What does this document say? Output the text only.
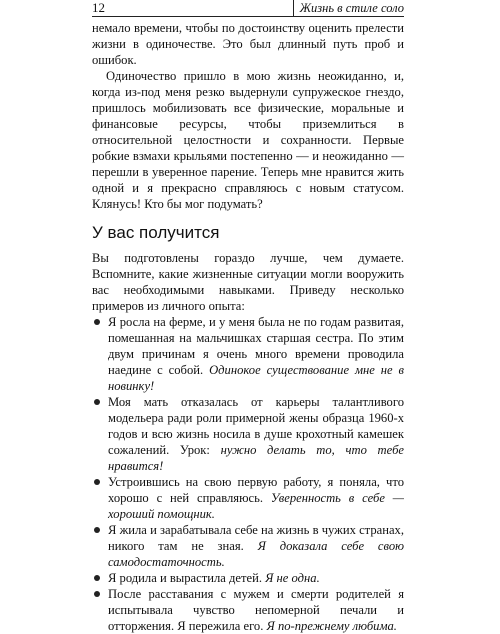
12	Жизнь в стиле соло

немало времени, чтобы по достоинству оценить прелести жизни в одиночестве. Это был длинный путь проб и ошибок.

Одиночество пришло в мою жизнь неожиданно, и, когда из-под меня резко выдернули супружеское гнездо, пришлось мобилизовать все физические, моральные и финансовые ресурсы, чтобы приземлиться в относительной целостности и сохранности. Первые робкие взмахи крыльями постепенно — и неожиданно — перешли в уверенное парение. Теперь мне нравится жить одной и я прекрасно справляюсь с новым статусом. Клянусь! Кто бы мог подумать?

У вас получится

Вы подготовлены гораздо лучше, чем думаете. Вспомните, какие жизненные ситуации могли вооружить вас необходимыми навыками. Приведу несколько примеров из личного опыта:

Я росла на ферме, и у меня была не по годам развитая, помешанная на мальчишках старшая сестра. По этим двум причинам я очень много времени проводила наедине с собой. Одинокое существование мне не в новинку!
Моя мать отказалась от карьеры талантливого модельера ради роли примерной жены образца 1960-х годов и всю жизнь носила в душе крохотный камешек сожалений. Урок: нужно делать то, что тебе нравится!
Устроившись на свою первую работу, я поняла, что хорошо с ней справляюсь. Уверенность в себе — хороший помощник.
Я жила и зарабатывала себе на жизнь в чужих странах, никого там не зная. Я доказала себе свою самодостаточность.
Я родила и вырастила детей. Я не одна.
После расставания с мужем и смерти родителей я испытывала чувство непомерной печали и отторжения. Я пережила его. Я по-прежнему любима.
